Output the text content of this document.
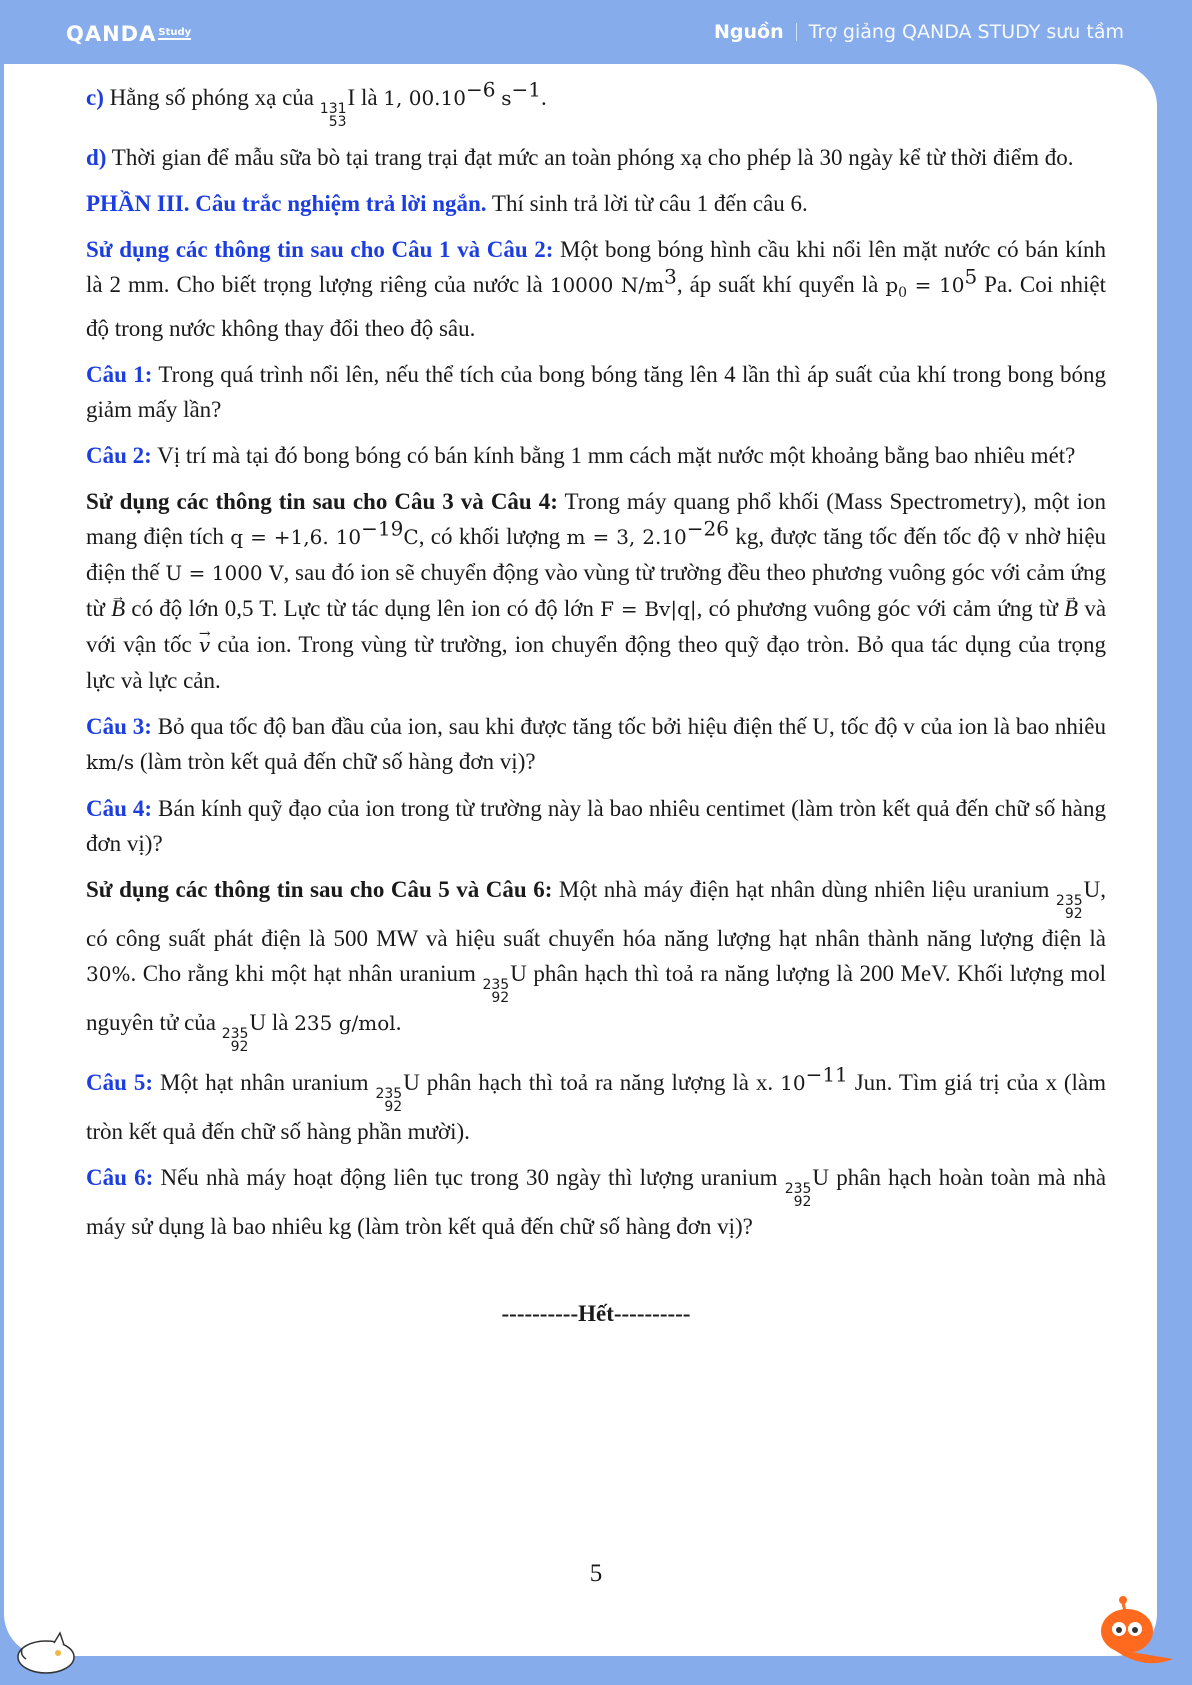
QANDA Study	Nguồn Trợ giảng QANDA STUDY sưu tầm

c) Hằng số phóng xạ của 131
53
I là 1, $00.10^{-6}$ $s^{-1}$.

d) Thời gian để mẫu sữa bò tại trang trại đạt mức an toàn phóng xạ cho phép là 30 ngày kể từ thời điểm đo.

PHẦN III. Câu trắc nghiệm trả lời ngắn. Thí sinh trả lời từ câu 1 đến câu 6.

Sử dụng các thông tin sau cho Câu 1 và Câu 2: Một bong bóng hình cầu khi nổi lên mặt nước có bán kính là 2 mm. Cho biết trọng lượng riêng của nước là 10000 $N/m^3$, áp suất khí quyển là $p_0 = 10^5$ Pa. Coi nhiệt độ trong nước không thay đổi theo độ sâu.

Câu 1: Trong quá trình nổi lên, nếu thể tích của bong bóng tăng lên 4 lần thì áp suất của khí trong bong bóng giảm mấy lần?

Câu 2: Vị trí mà tại đó bong bóng có bán kính bằng 1 mm cách mặt nước một khoảng bằng bao nhiêu mét?

Sử dụng các thông tin sau cho Câu 3 và Câu 4: Trong máy quang phổ khối (Mass Spectrometry), một ion mang điện tích q = +1,6. $10^{-19}C$, có khối lượng m = 3, $2.10^{-26}$ kg, được tăng tốc đến tốc độ v nhờ hiệu điện thế U = 1000 V, sau đó ion sẽ chuyển động vào vùng từ trường đều theo phương vuông góc với cảm ứng từ → B có độ lớn 0,5 T. Lực từ tác dụng lên ion có độ lớn F = Bv|q|, có phương vuông góc với cảm ứng từ → B và với vận tốc → v của ion. Trong vùng từ trường, ion chuyển động theo quỹ đạo tròn. Bỏ qua tác dụng của trọng lực và lực cản.

Câu 3: Bỏ qua tốc độ ban đầu của ion, sau khi được tăng tốc bởi hiệu điện thế U, tốc độ v của ion là bao nhiêu km/s (làm tròn kết quả đến chữ số hàng đơn vị)?

Câu 4: Bán kính quỹ đạo của ion trong từ trường này là bao nhiêu centimet (làm tròn kết quả đến chữ số hàng đơn vị)?

Sử dụng các thông tin sau cho Câu 5 và Câu 6: Một nhà máy điện hạt nhân dùng nhiên liệu uranium 235
92
U, có công suất phát điện là 500 MW và hiệu suất chuyển hóa năng lượng hạt nhân thành năng lượng điện là 30%. Cho rằng khi một hạt nhân uranium 235
92
U phân hạch thì toả ra năng lượng là 200 MeV. Khối lượng mol nguyên tử của 235
92
U là 235 g/mol.

Câu 5: Một hạt nhân uranium 235
92
U phân hạch thì toả ra năng lượng là x. $10^{-11}$ Jun. Tìm giá trị của x (làm tròn kết quả đến chữ số hàng phần mười).

Câu 6: Nếu nhà máy hoạt động liên tục trong 30 ngày thì lượng uranium 235
92
U phân hạch hoàn toàn mà nhà máy sử dụng là bao nhiêu kg (làm tròn kết quả đến chữ số hàng đơn vị)?

----------Hết----------

5
